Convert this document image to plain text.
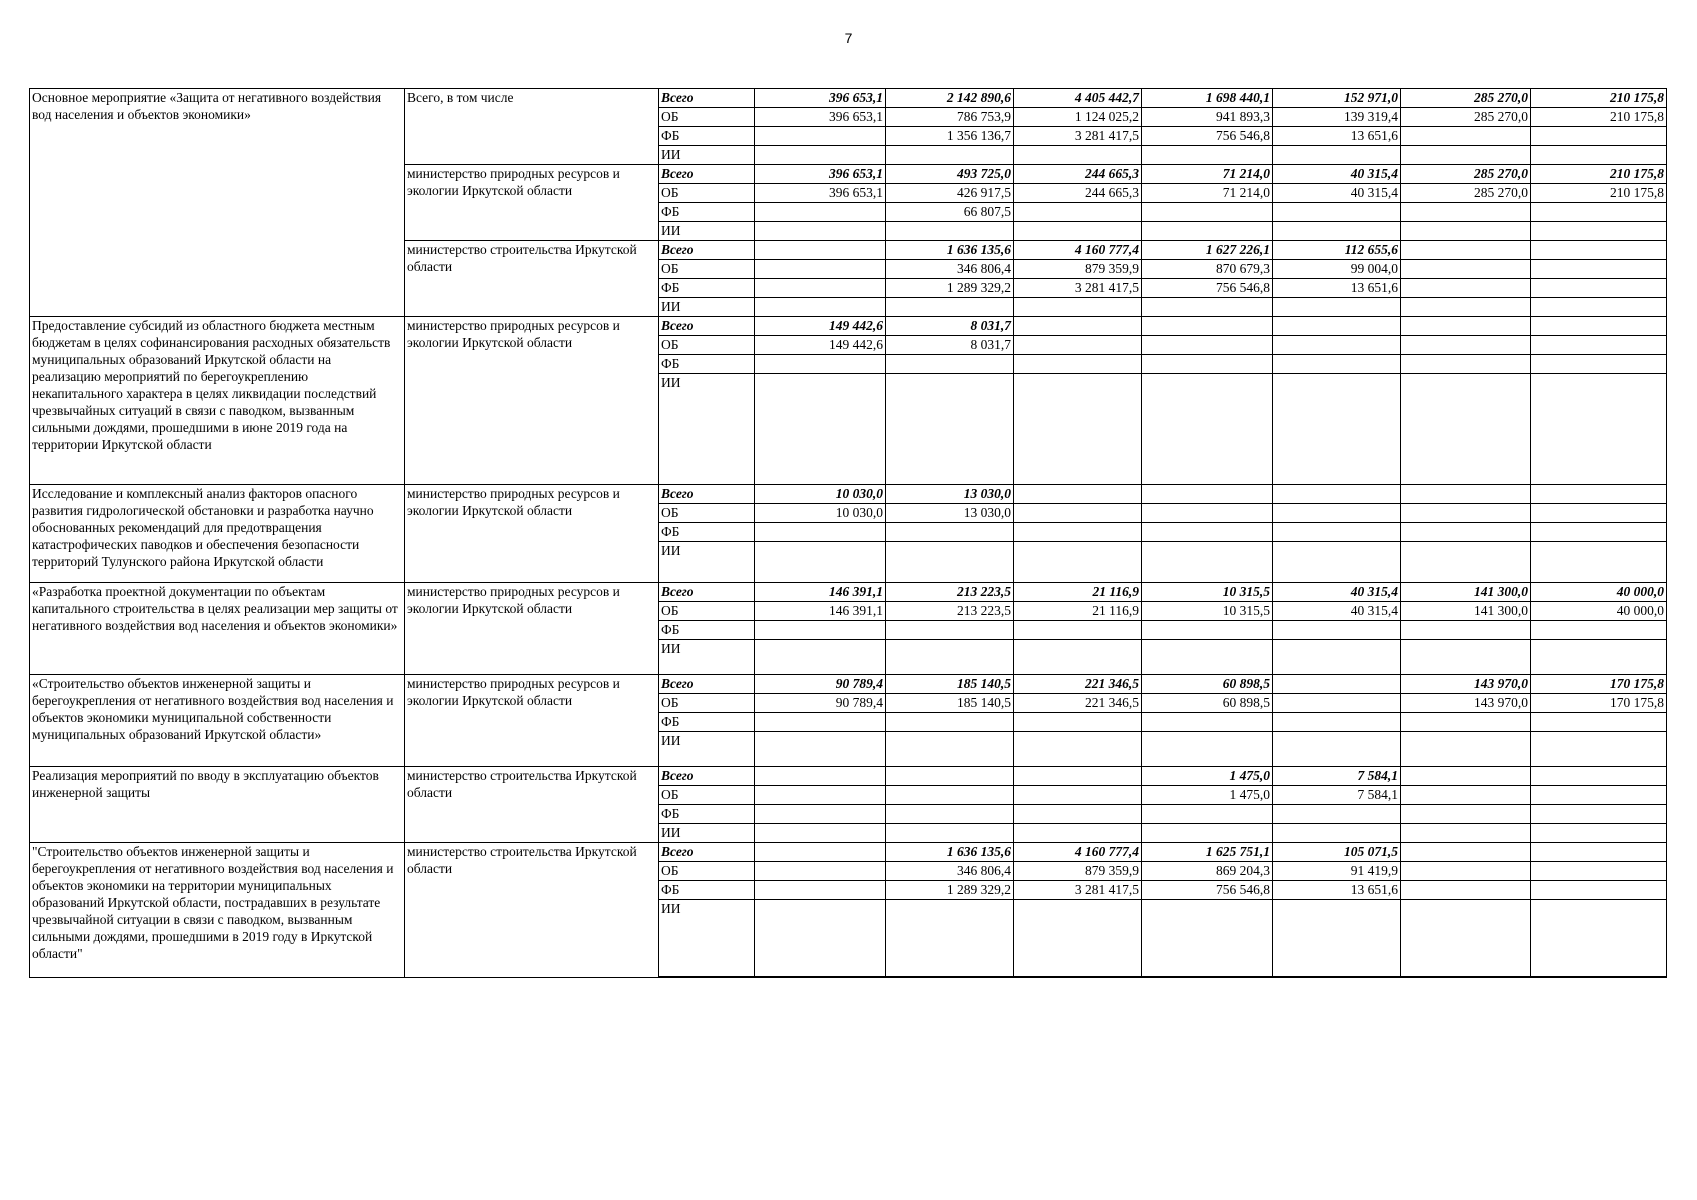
7
Основное мероприятие «Защита от негативного воздействия вод населения и объектов экономики»	Всего, в том числе	Всего	396 653,1	2 142 890,6	4 405 442,7	1 698 440,1	152 971,0	285 270,0	210 175,8
		ОБ	396 653,1	786 753,9	1 124 025,2	941 893,3	139 319,4	285 270,0	210 175,8
		ФБ		1 356 136,7	3 281 417,5	756 546,8	13 651,6		
		ИИ							
	министерство природных ресурсов и экологии Иркутской области	Всего	396 653,1	493 725,0	244 665,3	71 214,0	40 315,4	285 270,0	210 175,8
		ОБ	396 653,1	426 917,5	244 665,3	71 214,0	40 315,4	285 270,0	210 175,8
		ФБ		66 807,5					
		ИИ							
	министерство строительства Иркутской области	Всего		1 636 135,6	4 160 777,4	1 627 226,1	112 655,6		
		ОБ		346 806,4	879 359,9	870 679,3	99 004,0		
		ФБ		1 289 329,2	3 281 417,5	756 546,8	13 651,6		
		ИИ							
Предоставление субсидий из областного бюджета местным бюджетам в целях софинансирования расходных обязательств муниципальных образований Иркутской области на реализацию мероприятий по берегоукреплению некапитального характера в целях ликвидации последствий чрезвычайных ситуаций в связи с паводком, вызванным сильными дождями, прошедшими в июне 2019 года на территории Иркутской области	министерство природных ресурсов и экологии Иркутской области	Всего	149 442,6	8 031,7					
		ОБ	149 442,6	8 031,7					
		ФБ							
		ИИ							
Исследование и комплексный анализ факторов опасного развития гидрологической обстановки и разработка научно обоснованных рекомендаций для предотвращения катастрофических паводков и обеспечения безопасности территорий Тулунского района Иркутской области	министерство природных ресурсов и экологии Иркутской области	Всего	10 030,0	13 030,0					
		ОБ	10 030,0	13 030,0					
		ФБ							
		ИИ							
«Разработка проектной документации по объектам капитального строительства в целях реализации мер защиты от негативного воздействия вод населения и объектов экономики»	министерство природных ресурсов и экологии Иркутской области	Всего	146 391,1	213 223,5	21 116,9	10 315,5	40 315,4	141 300,0	40 000,0
		ОБ	146 391,1	213 223,5	21 116,9	10 315,5	40 315,4	141 300,0	40 000,0
		ФБ							
		ИИ							
«Строительство объектов инженерной защиты и берегоукрепления от негативного воздействия вод населения и объектов экономики муниципальной собственности муниципальных образований Иркутской области»	министерство природных ресурсов и экологии Иркутской области	Всего	90 789,4	185 140,5	221 346,5	60 898,5		143 970,0	170 175,8
		ОБ	90 789,4	185 140,5	221 346,5	60 898,5		143 970,0	170 175,8
		ФБ							
		ИИ							
Реализация мероприятий по вводу в эксплуатацию объектов инженерной защиты	министерство строительства Иркутской области	Всего				1 475,0	7 584,1		
		ОБ				1 475,0	7 584,1		
		ФБ							
		ИИ							
"Строительство объектов инженерной защиты и берегоукрепления от негативного воздействия вод населения и объектов экономики на территории муниципальных образований Иркутской области, пострадавших в результате чрезвычайной ситуации в связи с паводком, вызванным сильными дождями, прошедшими в 2019 году в Иркутской области"	министерство строительства Иркутской области	Всего		1 636 135,6	4 160 777,4	1 625 751,1	105 071,5		
		ОБ		346 806,4	879 359,9	869 204,3	91 419,9		
		ФБ		1 289 329,2	3 281 417,5	756 546,8	13 651,6		
		ИИ							
